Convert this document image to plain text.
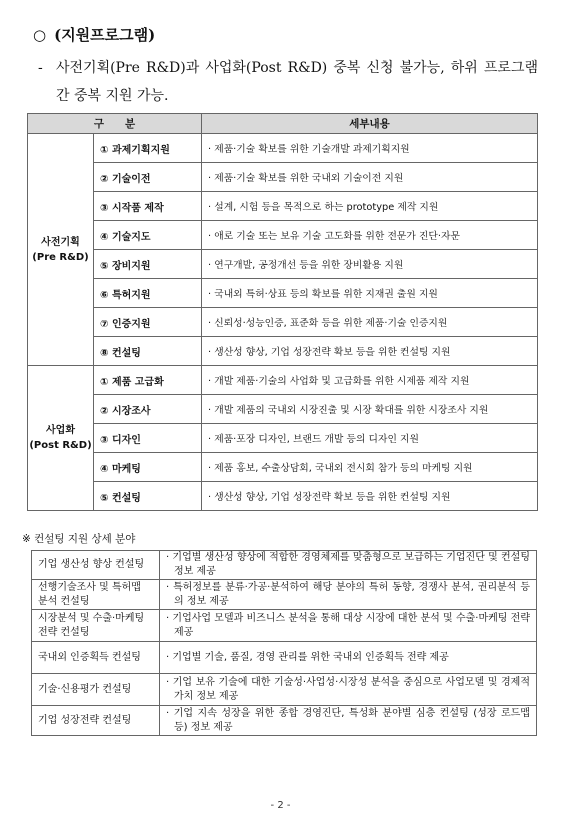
○ (지원프로그램)
- 사전기획(Pre R&D)과 사업화(Post R&D) 중복 신청 불가능, 하위 프로그램 간 중복 지원 가능.
구　　분		세부내용
사전기획
(Pre R&D)	① 과제기획지원	· 제품·기술 확보를 위한 기술개발 과제기획지원
	② 기술이전	· 제품·기술 확보를 위한 국내외 기술이전 지원
	③ 시작품 제작	· 설계, 시험 등을 목적으로 하는 prototype 제작 지원
	④ 기술지도	· 애로 기술 또는 보유 기술 고도화를 위한 전문가 진단·자문
	⑤ 장비지원	· 연구개발, 공정개선 등을 위한 장비활용 지원
	⑥ 특허지원	· 국내외 특허·상표 등의 확보를 위한 지재권 출원 지원
	⑦ 인증지원	· 신뢰성·성능인증, 표준화 등을 위한 제품·기술 인증지원
	⑧ 컨설팅	· 생산성 향상, 기업 성장전략 확보 등을 위한 컨설팅 지원
사업화
(Post R&D)	① 제품 고급화	· 개발 제품·기술의 사업화 및 고급화를 위한 시제품 제작 지원
	② 시장조사	· 개발 제품의 국내외 시장진출 및 시장 확대를 위한 시장조사 지원
	③ 디자인	· 제품·포장 디자인, 브랜드 개발 등의 디자인 지원
	④ 마케팅	· 제품 홍보, 수출상담회, 국내외 전시회 참가 등의 마케팅 지원
	⑤ 컨설팅	· 생산성 향상, 기업 성장전략 확보 등을 위한 컨설팅 지원
※ 컨설팅 지원 상세 분야
기업 생산성 향상 컨설팅	· 기업별 생산성 향상에 적합한 경영체제를 맞춤형으로 보급하는 기업진단 및 컨설팅 정보 제공

선행기술조사 및 특허맵 분석 컨설팅	· 특허정보를 분류·가공·분석하여 해당 분야의 특허 동향, 경쟁사 분석, 권리분석 등의 정보 제공

시장분석 및 수출·마케팅 전략 컨설팅	· 기업사업 모델과 비즈니스 분석을 통해 대상 시장에 대한 분석 및 수출·마케팅 전략 제공

국내외 인증획득 컨설팅	· 기업별 기술, 품질, 경영 관리를 위한 국내외 인증획득 전략 제공

기술·신용평가 컨설팅	· 기업 보유 기술에 대한 기술성·사업성·시장성 분석을 중심으로 사업모델 및 경제적 가치 정보 제공

기업 성장전략 컨설팅	· 기업 지속 성장을 위한 종합 경영진단, 특성화 분야별 심층 컨설팅 (성장 로드맵 등) 정보 제공
- 2 -
